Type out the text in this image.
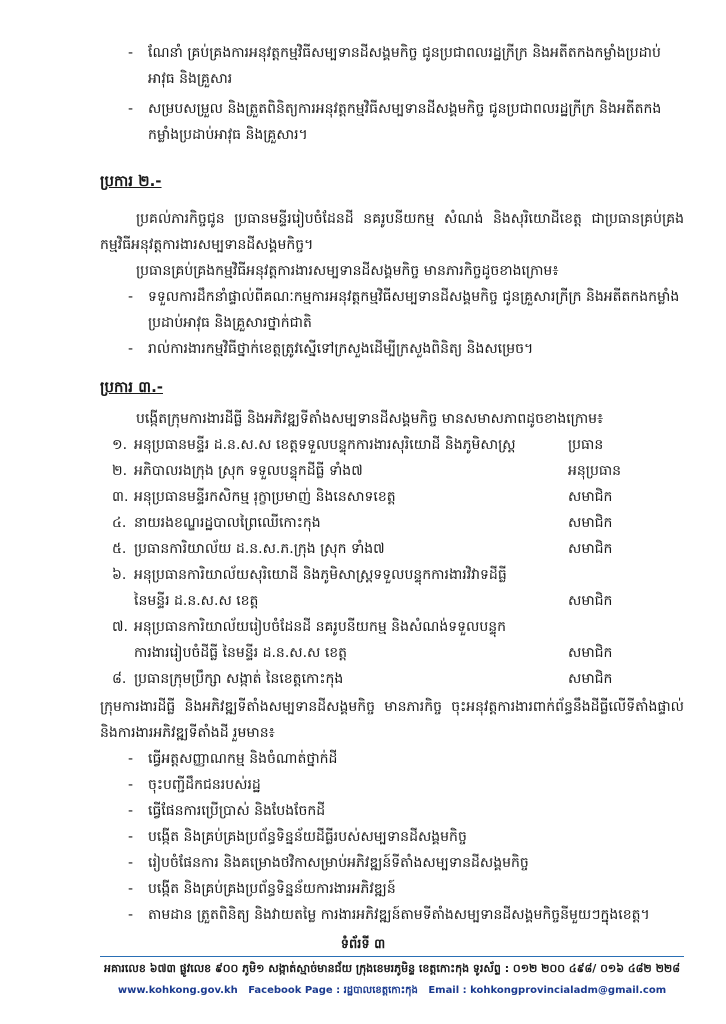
-	ណែនាំ គ្រប់គ្រងការអនុវត្តកម្មវិធីសម្បទានដីសង្គមកិច្ច ជូនប្រជាពលរដ្ឋក្រីក្រ និងអតីតកងកម្លាំងប្រដាប់អាវុធ និងគ្រួសារ
-	សម្របសម្រួល និងត្រួតពិនិត្យការអនុវត្តកម្មវិធីសម្បទានដីសង្គមកិច្ច ជូនប្រជាពលរដ្ឋក្រីក្រ និងអតីតកងកម្លាំងប្រដាប់អាវុធ និងគ្រួសារ។
ប្រការ ២.-
ប្រគល់ភារកិច្ចជូន ប្រធានមន្ទីររៀបចំដែនដី នគរូបនីយកម្ម សំណង់ និងសុរិយោដីខេត្ត ជាប្រធានគ្រប់គ្រងកម្មវិធីអនុវត្តការងារសម្បទានដីសង្គមកិច្ច។
ប្រធានគ្រប់គ្រងកម្មវិធីអនុវត្តការងារសម្បទានដីសង្គមកិច្ច មានភារកិច្ចដូចខាងក្រោម៖
-	ទទួលការដឹកនាំផ្ទាល់ពីគណៈកម្មការអនុវត្តកម្មវិធីសម្បទានដីសង្គមកិច្ច ជូនគ្រួសារក្រីក្រ និងអតីតកងកម្លាំងប្រដាប់អាវុធ និងគ្រួសារថ្នាក់ជាតិ
-	រាល់ការងារកម្មវិធីថ្នាក់ខេត្តត្រូវស្នើទៅក្រសួងដើម្បីក្រសួងពិនិត្យ និងសម្រេច។
ប្រការ ៣.-
បង្កើតក្រុមការងារដីធ្លី និងអភិវឌ្ឍទីតាំងសម្បទានដីសង្គមកិច្ច មានសមាសភាពដូចខាងក្រោម៖
១. អនុប្រធានមន្ទីរ ដ.ន.ស.ស ខេត្តទទួលបន្ទុកការងារសុរិយោដី និងភូមិសាស្ត្រ	ប្រធាន
២. អភិបាលរងក្រុង ស្រុក ទទួលបន្ទុកដីធ្លី ទាំង៧	អនុប្រធាន
៣. អនុប្រធានមន្ទីរកសិកម្ម រុក្ខាប្រមាញ់ និងនេសាទខេត្ត	សមាជិក
៤. នាយរងខណ្ឌរដ្ឋបាលព្រៃឈើកោះកុង	សមាជិក
៥. ប្រធានការិយាល័យ ដ.ន.ស.ភ.ក្រុង ស្រុក ទាំង៧	សមាជិក
៦. អនុប្រធានការិយាល័យសុរិយោដី និងភូមិសាស្ត្រទទួលបន្ទុកការងារវិវាទដីធ្លី
នៃមន្ទីរ ដ.ន.ស.ស ខេត្ត	សមាជិក
៧. អនុប្រធានការិយាល័យរៀបចំដែនដី នគរូបនីយកម្ម និងសំណង់ទទួលបន្ទុក
ការងាររៀបចំដីធ្លី នៃមន្ទីរ ដ.ន.ស.ស ខេត្ត	សមាជិក
៨. ប្រធានក្រុមប្រឹក្សា សង្កាត់ នៃខេត្តកោះកុង	សមាជិក
ក្រុមការងារដីធ្លី និងអភិវឌ្ឍទីតាំងសម្បទានដីសង្គមកិច្ច មានភារកិច្ច ចុះអនុវត្តការងារពាក់ព័ន្ធនឹងដីធ្លីលើទីតាំងផ្ទាល់ និងការងារអភិវឌ្ឍទីតាំងដី រួមមាន៖
-	ធ្វើអត្តសញ្ញាណកម្ម និងចំណាត់ថ្នាក់ដី
-	ចុះបញ្ជីដឹកជនរបស់រដ្ឋ
-	ធ្វើផែនការប្រើប្រាស់ និងបែងចែកដី
-	បង្កើត និងគ្រប់គ្រងប្រព័ន្ធទិន្នន័យដីធ្លីរបស់សម្បទានដីសង្គមកិច្ច
-	រៀបចំផែនការ និងគម្រោងថវិកាសម្រាប់អភិវឌ្ឍន៍ទីតាំងសម្បទានដីសង្គមកិច្ច
-	បង្កើត និងគ្រប់គ្រងប្រព័ន្ធទិន្នន័យការងារអភិវឌ្ឍន៍
-	តាមដាន ត្រួតពិនិត្យ និងវាយតម្លៃ ការងារអភិវឌ្ឍន៍តាមទីតាំងសម្បទានដីសង្គមកិច្ចនីមួយៗក្នុងខេត្ត។
ទំព័រទី ៣
អគារលេខ ៦៧៣ ផ្លូវលេខ ៩០០ ភូមិ១ សង្កាត់ស្មាច់មានជ័យ ក្រុងខេមរភូមិន្ទ ខេត្តកោះកុង ទូរស័ព្ទ : ០១២ ២០០ ៤៩៨/ ០១៦ ៤៨២ ២២៨
www.kohkong.gov.kh Facebook Page : រដ្ឋបាលខេត្តកោះកុង Email : kohkongprovincialadm@gmail.com
